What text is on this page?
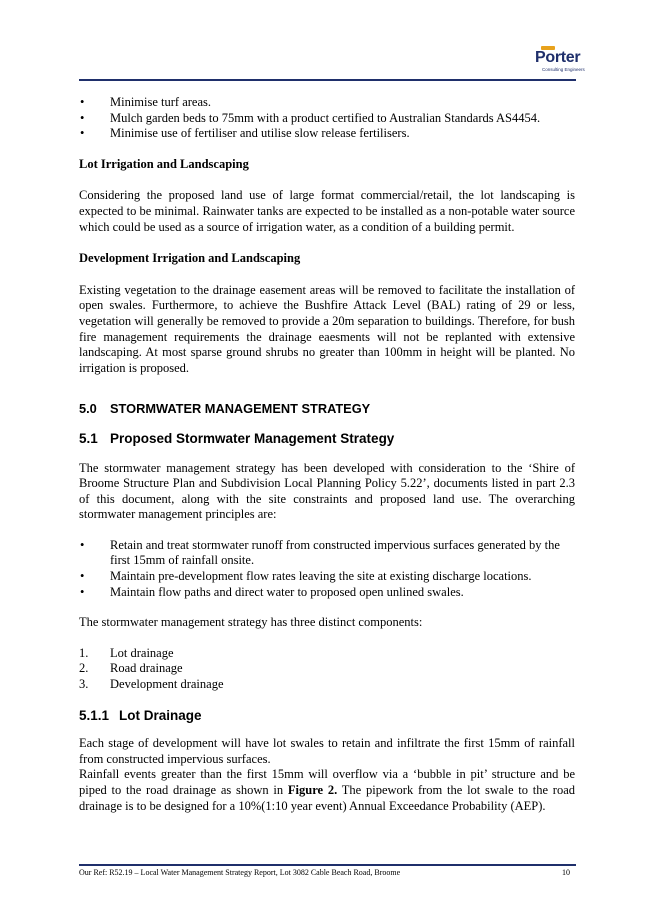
Porter
Consulting Engineers
• Minimise turf areas.
• Mulch garden beds to 75mm with a product certified to Australian Standards AS4454.
• Minimise use of fertiliser and utilise slow release fertilisers.

Lot Irrigation and Landscaping

Considering the proposed land use of large format commercial/retail, the lot landscaping is expected to be minimal. Rainwater tanks are expected to be installed as a non-potable water source which could be used as a source of irrigation water, as a condition of a building permit.

Development Irrigation and Landscaping

Existing vegetation to the drainage easement areas will be removed to facilitate the installation of open swales. Furthermore, to achieve the Bushfire Attack Level (BAL) rating of 29 or less, vegetation will generally be removed to provide a 20m separation to buildings. Therefore, for bush fire management requirements the drainage eaesments will not be replanted with extensive landscaping. At most sparse ground shrubs no greater than 100mm in height will be planted. No irrigation is proposed.

5.0 STORMWATER MANAGEMENT STRATEGY

5.1 Proposed Stormwater Management Strategy

The stormwater management strategy has been developed with consideration to the ‘Shire of Broome Structure Plan and Subdivision Local Planning Policy 5.22’, documents listed in part 2.3 of this document, along with the site constraints and proposed land use. The overarching stormwater management principles are:

• Retain and treat stormwater runoff from constructed impervious surfaces generated by the first 15mm of rainfall onsite.
• Maintain pre-development flow rates leaving the site at existing discharge locations.
• Maintain flow paths and direct water to proposed open unlined swales.

The stormwater management strategy has three distinct components:

1. Lot drainage
2. Road drainage
3. Development drainage

5.1.1 Lot Drainage

Each stage of development will have lot swales to retain and infiltrate the first 15mm of rainfall from constructed impervious surfaces.

Rainfall events greater than the first 15mm will overflow via a ‘bubble in pit’ structure and be piped to the road drainage as shown in Figure 2. The pipework from the lot swale to the road drainage is to be designed for a 10%(1:10 year event) Annual Exceedance Probability (AEP).

Our Ref: R52.19 – Local Water Management Strategy Report, Lot 3082 Cable Beach Road, Broome	10
